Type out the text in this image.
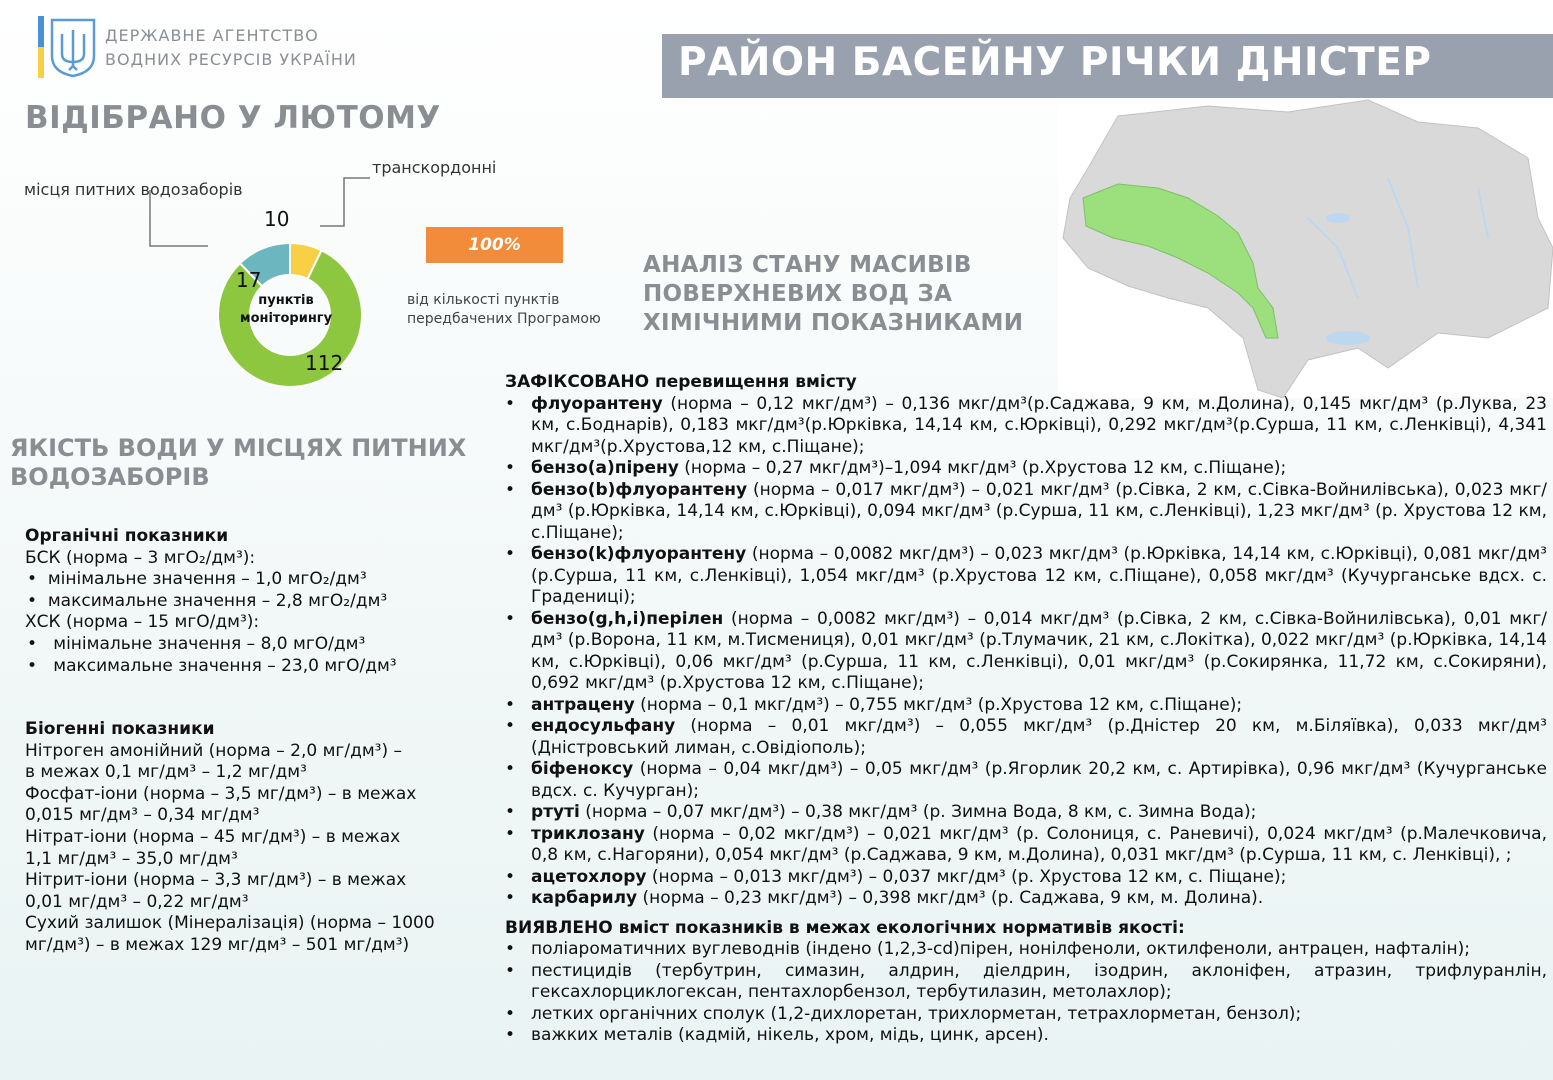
ДЕРЖАВНЕ АГЕНТСТВО
ВОДНИХ РЕСУРСІВ УКРАЇНИ	РАЙОН БАСЕЙНУ РІЧКИ ДНІСТЕР
ВІДІБРАНО У ЛЮТОМУ
транскордонні
місця питних водозаборів
10
17
112
пунктів
моніторингу
100%
від кількості пунктів
передбачених Програмою
АНАЛІЗ СТАНУ МАСИВІВ
ПОВЕРХНЕВИХ ВОД ЗА
ХІМІЧНИМИ ПОКАЗНИКАМИ
ЯКІСТЬ ВОДИ У МІСЦЯХ ПИТНИХ
ВОДОЗАБОРІВ
Органічні показники
БСК (норма – 3 мгО₂/дм³):
•  мінімальне значення – 1,0 мгО₂/дм³
•  максимальне значення – 2,8 мгО₂/дм³
ХСК (норма – 15 мгО/дм³):
•   мінімальне значення – 8,0 мгО/дм³
•   максимальне значення – 23,0 мгО/дм³
Біогенні показники
Нітроген амонійний (норма – 2,0 мг/дм³) –
в межах 0,1 мг/дм³ – 1,2 мг/дм³
Фосфат-іони (норма – 3,5 мг/дм³) – в межах
0,015 мг/дм³ – 0,34 мг/дм³
Нітрат-іони (норма – 45 мг/дм³) – в межах
1,1 мг/дм³ – 35,0 мг/дм³
Нітрит-іони (норма – 3,3 мг/дм³) – в межах
0,01 мг/дм³ – 0,22 мг/дм³
Сухий залишок (Мінералізація) (норма – 1000
мг/дм³) – в межах 129 мг/дм³ – 501 мг/дм³)
ЗАФІКСОВАНО перевищення вмісту
• флуорантену (норма – 0,12 мкг/дм³) – 0,136 мкг/дм³(р.Саджава, 9 км, м.Долина), 0,145 мкг/дм³ (р.Луква, 23 км, с.Боднарів), 0,183 мкг/дм³(р.Юрківка, 14,14 км, с.Юрківці), 0,292 мкг/дм³(р.Сурша, 11 км, с.Ленківці), 4,341 мкг/дм³(р.Хрустова,12 км, с.Піщане);
• бензо(а)пірену (норма – 0,27 мкг/дм³)–1,094 мкг/дм³ (р.Хрустова 12 км, с.Піщане);
• бензо(b)флуорантену (норма – 0,017 мкг/дм³) – 0,021 мкг/дм³ (р.Сівка, 2 км, с.Сівка-Войнилівська), 0,023 мкг/дм³ (р.Юрківка, 14,14 км, с.Юрківці), 0,094 мкг/дм³ (р.Сурша, 11 км, с.Ленківці), 1,23 мкг/дм³ (р. Хрустова 12 км, с.Піщане);
• бензо(k)флуорантену (норма – 0,0082 мкг/дм³) – 0,023 мкг/дм³ (р.Юрківка, 14,14 км, с.Юрківці), 0,081 мкг/дм³ (р.Сурша, 11 км, с.Ленківці), 1,054 мкг/дм³ (р.Хрустова 12 км, с.Піщане), 0,058 мкг/дм³ (Кучурганське вдсх. с. Градениці);
• бензо(g,h,i)перілен (норма – 0,0082 мкг/дм³) – 0,014 мкг/дм³ (р.Сівка, 2 км, с.Сівка-Войнилівська), 0,01 мкг/дм³ (р.Ворона, 11 км, м.Тисмениця), 0,01 мкг/дм³ (р.Тлумачик, 21 км, с.Локітка), 0,022 мкг/дм³ (р.Юрківка, 14,14 км, с.Юрківці), 0,06 мкг/дм³ (р.Сурша, 11 км, с.Ленківці), 0,01 мкг/дм³ (р.Сокирянка, 11,72 км, с.Сокиряни), 0,692 мкг/дм³ (р.Хрустова 12 км, с.Піщане);
• антрацену (норма – 0,1 мкг/дм³) – 0,755 мкг/дм³ (р.Хрустова 12 км, с.Піщане);
• ендосульфану (норма – 0,01 мкг/дм³) – 0,055 мкг/дм³ (р.Дністер 20 км, м.Біляївка), 0,033 мкг/дм³ (Дністровський лиман, с.Овідіополь);
• біфеноксу (норма – 0,04 мкг/дм³) – 0,05 мкг/дм³ (р.Ягорлик 20,2 км, с. Артирівка), 0,96 мкг/дм³ (Кучурганське вдсх. с. Кучурган);
• ртуті (норма – 0,07 мкг/дм³) – 0,38 мкг/дм³ (р. Зимна Вода, 8 км, с. Зимна Вода);
• триклозану (норма – 0,02 мкг/дм³) – 0,021 мкг/дм³ (р. Солониця, с. Раневичі), 0,024 мкг/дм³ (р.Малечковича, 0,8 км, с.Нагоряни), 0,054 мкг/дм³ (р.Саджава, 9 км, м.Долина), 0,031 мкг/дм³ (р.Сурша, 11 км, с. Ленківці), ;
• ацетохлору (норма – 0,013 мкг/дм³) – 0,037 мкг/дм³ (р. Хрустова 12 км, с. Піщане);
• карбарилу (норма – 0,23 мкг/дм³) – 0,398 мкг/дм³ (р. Саджава, 9 км, м. Долина).
ВИЯВЛЕНО вміст показників в межах екологічних нормативів якості:
• поліароматичних вуглеводнів (індено (1,2,3-cd)пірен, нонілфеноли, октилфеноли, антрацен, нафталін);
• пестицидів (тербутрин, симазин, алдрин, діелдрин, ізодрин, аклоніфен, атразин, трифлуранлін, гексахлорциклогексан, пентахлорбензол, тербутилазин, метолахлор);
• летких органічних сполук (1,2-дихлоретан, трихлорметан, тетрахлорметан, бензол);
• важких металів (кадмій, нікель, хром, мідь, цинк, арсен).
